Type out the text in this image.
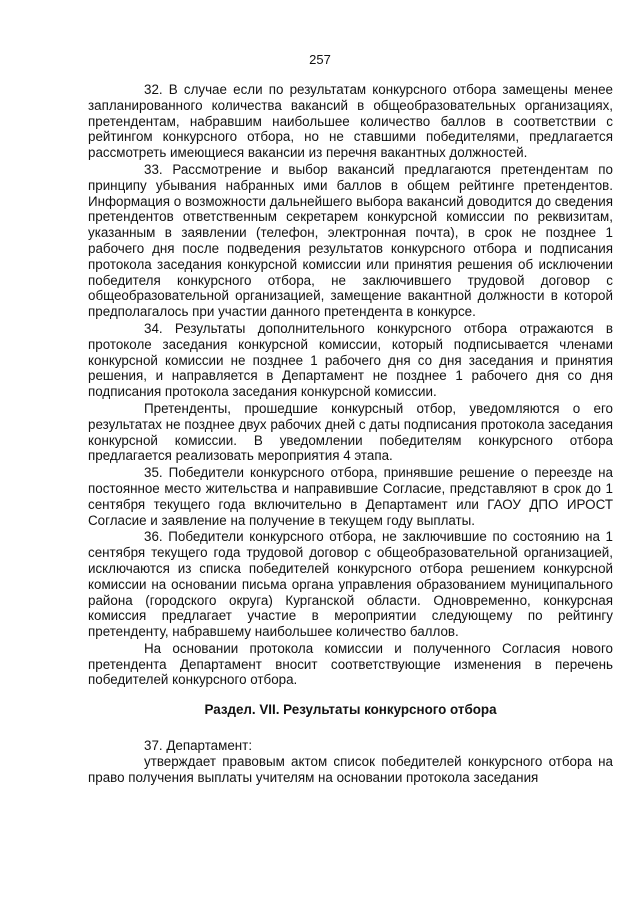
257

32. В случае если по результатам конкурсного отбора замещены менее запланированного количества вакансий в общеобразовательных организациях, претендентам, набравшим наибольшее количество баллов в соответствии с рейтингом конкурсного отбора, но не ставшими победителями, предлагается рассмотреть имеющиеся вакансии из перечня вакантных должностей.

33. Рассмотрение и выбор вакансий предлагаются претендентам по принципу убывания набранных ими баллов в общем рейтинге претендентов. Информация о возможности дальнейшего выбора вакансий доводится до сведения претендентов ответственным секретарем конкурсной комиссии по реквизитам, указанным в заявлении (телефон, электронная почта), в срок не позднее 1 рабочего дня после подведения результатов конкурсного отбора и подписания протокола заседания конкурсной комиссии или принятия решения об исключении победителя конкурсного отбора, не заключившего трудовой договор с общеобразовательной организацией, замещение вакантной должности в которой предполагалось при участии данного претендента в конкурсе.

34. Результаты дополнительного конкурсного отбора отражаются в протоколе заседания конкурсной комиссии, который подписывается членами конкурсной комиссии не позднее 1 рабочего дня со дня заседания и принятия решения, и направляется в Департамент не позднее 1 рабочего дня со дня подписания протокола заседания конкурсной комиссии.

Претенденты, прошедшие конкурсный отбор, уведомляются о его результатах не позднее двух рабочих дней с даты подписания протокола заседания конкурсной комиссии. В уведомлении победителям конкурсного отбора предлагается реализовать мероприятия 4 этапа.

35. Победители конкурсного отбора, принявшие решение о переезде на постоянное место жительства и направившие Согласие, представляют в срок до 1 сентября текущего года включительно в Департамент или ГАОУ ДПО ИРОСТ Согласие и заявление на получение в текущем году выплаты.

36. Победители конкурсного отбора, не заключившие по состоянию на 1 сентября текущего года трудовой договор с общеобразовательной организацией, исключаются из списка победителей конкурсного отбора решением конкурсной комиссии на основании письма органа управления образованием муниципального района (городского округа) Курганской области. Одновременно, конкурсная комиссия предлагает участие в мероприятии следующему по рейтингу претенденту, набравшему наибольшее количество баллов.

На основании протокола комиссии и полученного Согласия нового претендента Департамент вносит соответствующие изменения в перечень победителей конкурсного отбора.

Раздел. VII. Результаты конкурсного отбора

37. Департамент:

утверждает правовым актом список победителей конкурсного отбора на право получения выплаты учителям на основании протокола заседания
